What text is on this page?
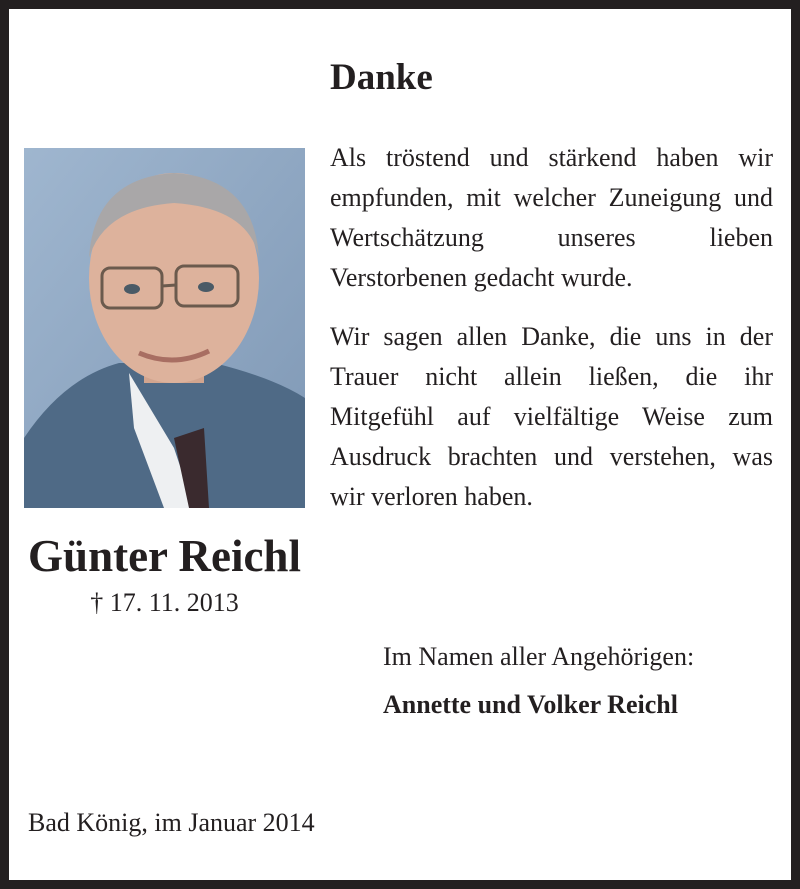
Danke
Als tröstend und stärkend haben wir empfunden, mit welcher Zuneigung und Wertschätzung unseres lieben Verstorbenen gedacht wurde.
Wir sagen allen Danke, die uns in der Trauer nicht allein ließen, die ihr Mitgefühl auf vielfältige Weise zum Ausdruck brachten und verstehen, was wir verloren haben.
Günter Reichl
† 17. 11. 2013
Im Namen aller Angehörigen:
Annette und Volker Reichl
Bad König, im Januar 2014
